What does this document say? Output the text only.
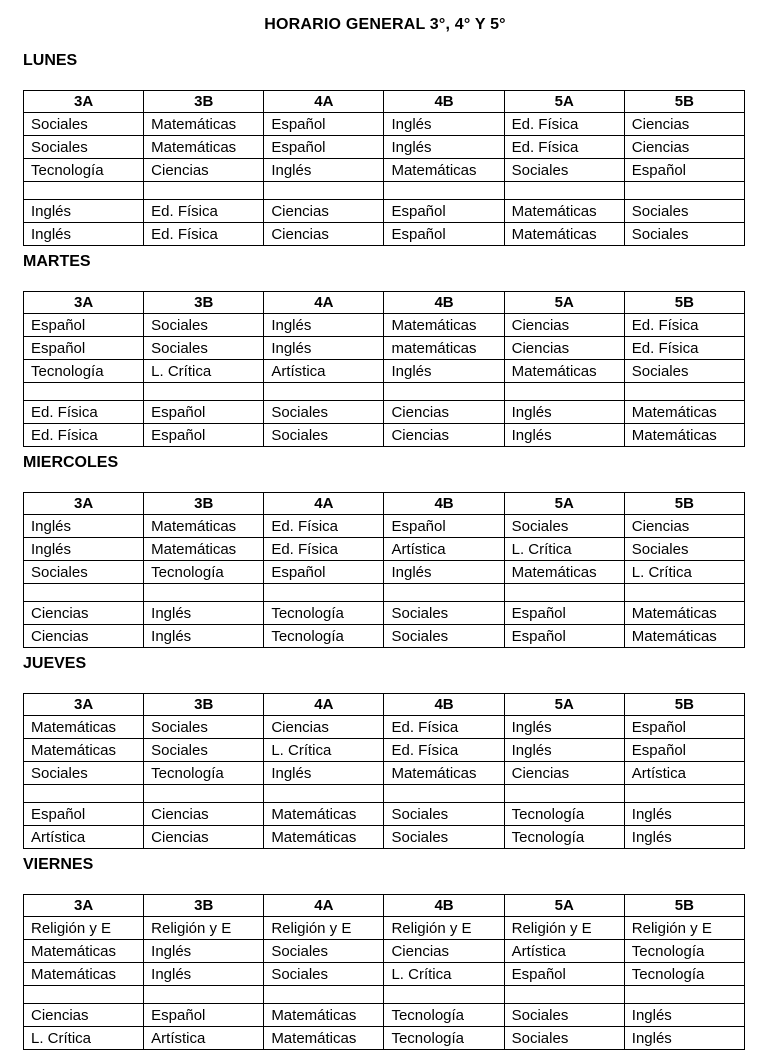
HORARIO GENERAL 3°, 4° Y 5°
LUNES
3A	3B	4A	4B	5A	5B
Sociales	Matemáticas	Español	Inglés	Ed. Física	Ciencias
Sociales	Matemáticas	Español	Inglés	Ed. Física	Ciencias
Tecnología	Ciencias	Inglés	Matemáticas	Sociales	Español

Inglés	Ed. Física	Ciencias	Español	Matemáticas	Sociales
Inglés	Ed. Física	Ciencias	Español	Matemáticas	Sociales
MARTES
3A	3B	4A	4B	5A	5B
Español	Sociales	Inglés	Matemáticas	Ciencias	Ed. Física
Español	Sociales	Inglés	matemáticas	Ciencias	Ed. Física
Tecnología	L. Crítica	Artística	Inglés	Matemáticas	Sociales

Ed. Física	Español	Sociales	Ciencias	Inglés	Matemáticas
Ed. Física	Español	Sociales	Ciencias	Inglés	Matemáticas
MIERCOLES
3A	3B	4A	4B	5A	5B
Inglés	Matemáticas	Ed. Física	Español	Sociales	Ciencias
Inglés	Matemáticas	Ed. Física	Artística	L. Crítica	Sociales
Sociales	Tecnología	Español	Inglés	Matemáticas	L. Crítica

Ciencias	Inglés	Tecnología	Sociales	Español	Matemáticas
Ciencias	Inglés	Tecnología	Sociales	Español	Matemáticas
JUEVES
3A	3B	4A	4B	5A	5B
Matemáticas	Sociales	Ciencias	Ed. Física	Inglés	Español
Matemáticas	Sociales	L. Crítica	Ed. Física	Inglés	Español
Sociales	Tecnología	Inglés	Matemáticas	Ciencias	Artística

Español	Ciencias	Matemáticas	Sociales	Tecnología	Inglés
Artística	Ciencias	Matemáticas	Sociales	Tecnología	Inglés
VIERNES
3A	3B	4A	4B	5A	5B
Religión y E	Religión y E	Religión y E	Religión y E	Religión y E	Religión y E
Matemáticas	Inglés	Sociales	Ciencias	Artística	Tecnología
Matemáticas	Inglés	Sociales	L. Crítica	Español	Tecnología

Ciencias	Español	Matemáticas	Tecnología	Sociales	Inglés
L. Crítica	Artística	Matemáticas	Tecnología	Sociales	Inglés
